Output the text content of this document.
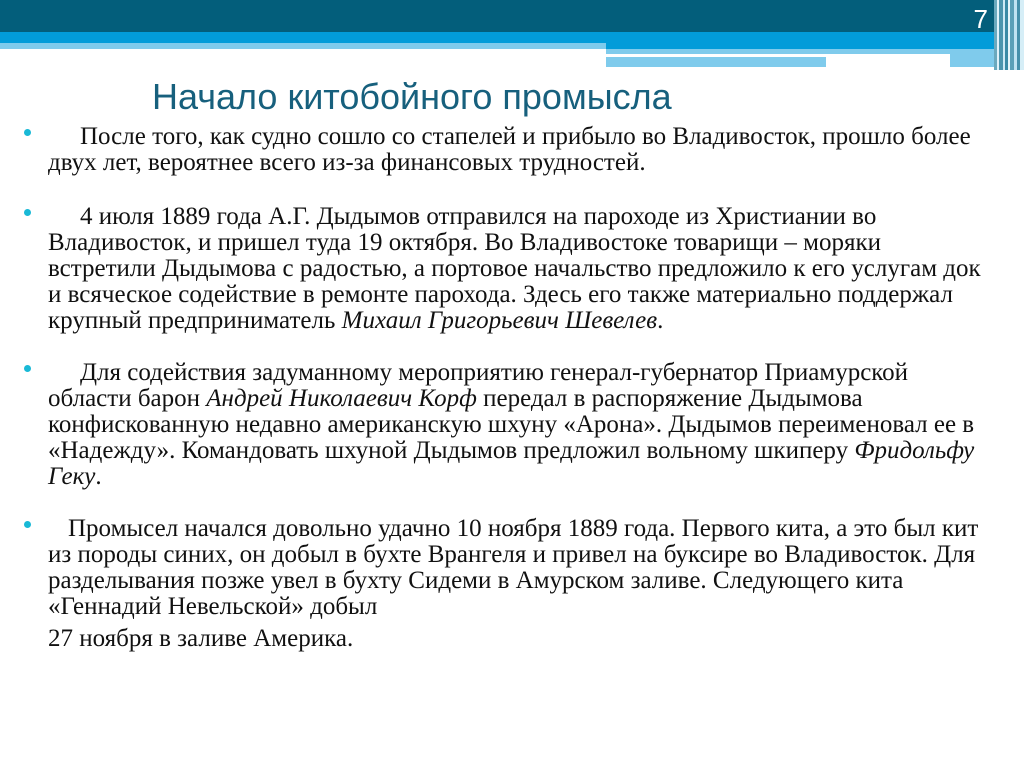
7
Начало китобойного промысла

После того, как судно сошло со стапелей и прибыло во Владивосток, прошло более двух лет, вероятнее всего из-за финансовых трудностей.

4 июля 1889 года А.Г. Дыдымов отправился на пароходе из Христиании во Владивосток, и пришел туда 19 октября. Во Владивостоке товарищи – моряки встретили Дыдымова с радостью, а портовое начальство предложило к его услугам док и всяческое содействие в ремонте парохода. Здесь его также материально поддержал крупный предприниматель Михаил Григорьевич Шевелев.

Для содействия задуманному мероприятию генерал-губернатор Приамурской области барон Андрей Николаевич Корф передал в распоряжение Дыдымова конфискованную недавно американскую шхуну «Арона». Дыдымов переименовал ее в «Надежду». Командовать шхуной Дыдымов предложил вольному шкиперу Фридольфу Геку.

Промысел начался довольно удачно 10 ноября 1889 года. Первого кита, а это был кит из породы синих, он добыл в бухте Врангеля и привел на буксире во Владивосток. Для разделывания позже увел в бухту Сидеми в Амурском заливе. Следующего кита «Геннадий Невельской» добыл

27 ноября в заливе Америка.
